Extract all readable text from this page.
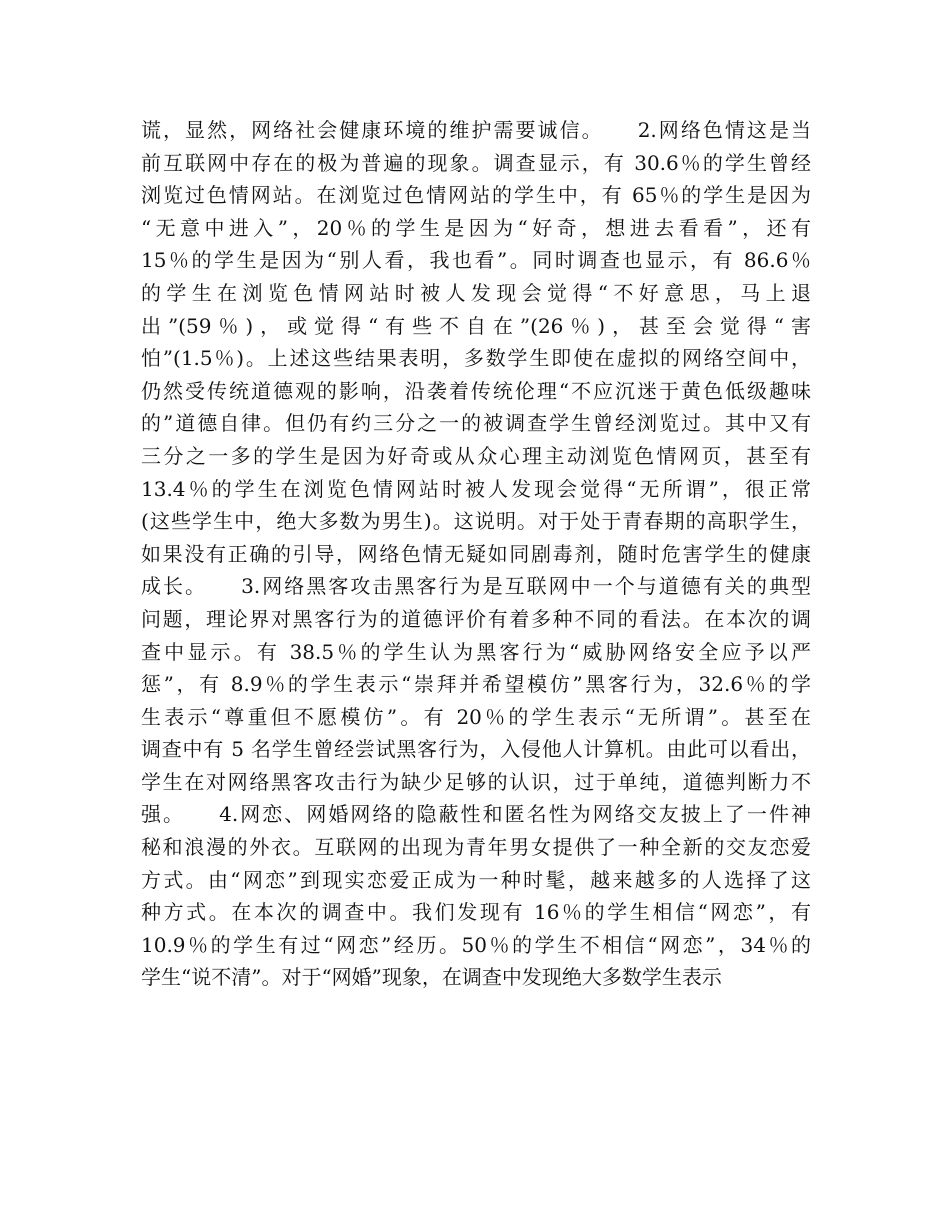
谎，显然，网络社会健康环境的维护需要诚信。　　2.网络色情这是当
前互联网中存在的极为普遍的现象。调查显示，有 30.6％的学生曾经
浏览过色情网站。在浏览过色情网站的学生中，有 65％的学生是因为
“无意中进入”，20％的学生是因为“好奇，想进去看看”，还有
15％的学生是因为“别人看，我也看”。同时调查也显示，有 86.6％
的学生在浏览色情网站时被人发现会觉得“不好意思，马上退
出”(59％)，或觉得“有些不自在”(26％)，甚至会觉得“害
怕”(1.5％)。上述这些结果表明，多数学生即使在虚拟的网络空间中，
仍然受传统道德观的影响，沿袭着传统伦理“不应沉迷于黄色低级趣味
的”道德自律。但仍有约三分之一的被调查学生曾经浏览过。其中又有
三分之一多的学生是因为好奇或从众心理主动浏览色情网页，甚至有
13.4％的学生在浏览色情网站时被人发现会觉得“无所谓”，很正常
(这些学生中，绝大多数为男生)。这说明。对于处于青春期的高职学生，
如果没有正确的引导，网络色情无疑如同剧毒剂，随时危害学生的健康
成长。　　3.网络黑客攻击黑客行为是互联网中一个与道德有关的典型
问题，理论界对黑客行为的道德评价有着多种不同的看法。在本次的调
查中显示。有 38.5％的学生认为黑客行为“威胁网络安全应予以严
惩”，有 8.9％的学生表示“崇拜并希望模仿”黑客行为，32.6％的学
生表示“尊重但不愿模仿”。有 20％的学生表示“无所谓”。甚至在
调查中有 5 名学生曾经尝试黑客行为，入侵他人计算机。由此可以看出，
学生在对网络黑客攻击行为缺少足够的认识，过于单纯，道德判断力不
强。　　4.网恋、网婚网络的隐蔽性和匿名性为网络交友披上了一件神
秘和浪漫的外衣。互联网的出现为青年男女提供了一种全新的交友恋爱
方式。由“网恋”到现实恋爱正成为一种时髦，越来越多的人选择了这
种方式。在本次的调查中。我们发现有 16％的学生相信“网恋”，有
10.9％的学生有过“网恋”经历。50％的学生不相信“网恋”，34％的
学生“说不清”。对于“网婚”现象，在调查中发现绝大多数学生表示
